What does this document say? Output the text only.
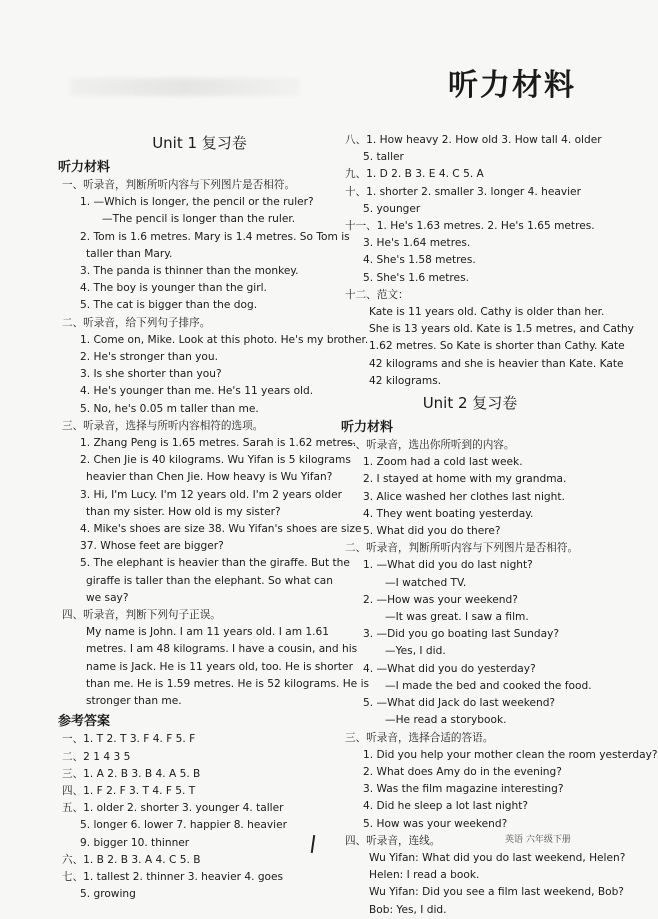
听力材料
Unit 1 复习卷
听力材料
一、听录音，判断所听内容与下列图片是否相符。
1. —Which is longer, the pencil or the ruler?
—The pencil is longer than the ruler.
2. Tom is 1.6 metres. Mary is 1.4 metres. So Tom is
taller than Mary.
3. The panda is thinner than the monkey.
4. The boy is younger than the girl.
5. The cat is bigger than the dog.
二、听录音，给下列句子排序。
1. Come on, Mike. Look at this photo. He's my brother.
2. He's stronger than you.
3. Is she shorter than you?
4. He's younger than me. He's 11 years old.
5. No, he's 0.05 m taller than me.
三、听录音，选择与所听内容相符的选项。
1. Zhang Peng is 1.65 metres. Sarah is 1.62 metres.
2. Chen Jie is 40 kilograms. Wu Yifan is 5 kilograms
heavier than Chen Jie. How heavy is Wu Yifan?
3. Hi, I'm Lucy. I'm 12 years old. I'm 2 years older
than my sister. How old is my sister?
4. Mike's shoes are size 38. Wu Yifan's shoes are size
37. Whose feet are bigger?
5. The elephant is heavier than the giraffe. But the
giraffe is taller than the elephant. So what can
we say?
四、听录音，判断下列句子正误。
My name is John. I am 11 years old. I am 1.61
metres. I am 48 kilograms. I have a cousin, and his
name is Jack. He is 11 years old, too. He is shorter
than me. He is 1.59 metres. He is 52 kilograms. He is
stronger than me.
参考答案
一、1. T 2. T 3. F 4. F 5. F
二、2 1 4 3 5
三、1. A 2. B 3. B 4. A 5. B
四、1. F 2. F 3. T 4. F 5. T
五、1. older 2. shorter 3. younger 4. taller
5. longer 6. lower 7. happier 8. heavier
9. bigger 10. thinner
六、1. B 2. B 3. A 4. C 5. B
七、1. tallest 2. thinner 3. heavier 4. goes
5. growing
八、1. How heavy 2. How old 3. How tall 4. older
5. taller
九、1. D 2. B 3. E 4. C 5. A
十、1. shorter 2. smaller 3. longer 4. heavier
5. younger
十一、1. He's 1.63 metres. 2. He's 1.65 metres.
3. He's 1.64 metres.
4. She's 1.58 metres.
5. She's 1.6 metres.
十二、范文：
Kate is 11 years old. Cathy is older than her.
She is 13 years old. Kate is 1.5 metres, and Cathy
1.62 metres. So Kate is shorter than Cathy. Kate
42 kilograms and she is heavier than Kate. Kate
42 kilograms.
Unit 2 复习卷
听力材料
一、听录音，选出你所听到的内容。
1. Zoom had a cold last week.
2. I stayed at home with my grandma.
3. Alice washed her clothes last night.
4. They went boating yesterday.
5. What did you do there?
二、听录音，判断所听内容与下列图片是否相符。
1. —What did you do last night?
—I watched TV.
2. —How was your weekend?
—It was great. I saw a film.
3. —Did you go boating last Sunday?
—Yes, I did.
4. —What did you do yesterday?
—I made the bed and cooked the food.
5. —What did Jack do last weekend?
—He read a storybook.
三、听录音，选择合适的答语。
1. Did you help your mother clean the room yesterday?
2. What does Amy do in the evening?
3. Was the film magazine interesting?
4. Did he sleep a lot last night?
5. How was your weekend?
四、听录音，连线。
Wu Yifan: What did you do last weekend, Helen?
Helen: I read a book.
Wu Yifan: Did you see a film last weekend, Bob?
Bob: Yes, I did.
英语 六年级下册
